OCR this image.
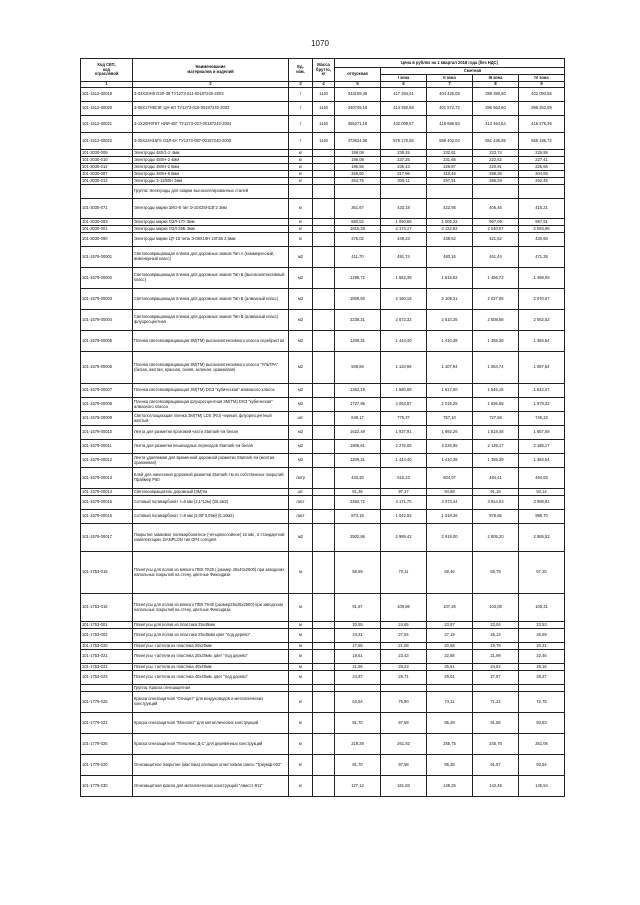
1070
Код СКП,
код
отраслевой	Наименование
материалов и изделий	Ед.
изм.	Масса
брутто,
кг	Цена в рублях на 1 квартал 2018 года (без НДС)				
				отпускная	Сметная			
					I зона	II зона	III зона	IV зона
1	2	3	4	5	6	7	8	9
101-1512-00019	З-04Х20Н6 ОЗЛ-38 ТУ1273-011-00187240-2003	т	1140	343109,49	417 294,01	404 425,09	399 380,50	402 093,55
101-1512-00020	З-08Х17Н8С6Г ЦН-6Л ТУ1273-018-00187240-2003	т	1140	340749,16	414 350,68	401 572,72	396 563,60	399 262,59
101-1512-00021	З-1Х20Н9Г6Т НИИ-48Г ТУ1273-027-00187240-2004	т	1140	355271,19	432 009,67	418 686,93	413 464,54	416 276,35
101-1512-00022	З-25Х24Н16Г6 ОЗЛ-6А ТУ1273-087-00187240-2000	т	1140	473624,58	576 170,55	558 402,04	551 436,95	555 186,72
101-3030-009	Электроды 48Х/1-2 4мм	кг		199,08	238,45	232,81	223,74	226,95
101-3030-010	Электроды 48ХН-2 4мм	кг		198,08	237,25	231,65	222,62	227,41
101-3030-012	Электроды 48ХН-2 5мм	кг		196,56	235,43	229,87	220,91	225,66
101-3030-087	Электроды 48ХН-5 5мм	кг		265,50	317,96	310,46	298,35	304,66
101-3030-013	Электроды З-13/50Н 3мм	кг		254,75	305,11	297,91	286,29	292,45
	Группа: Электроды для сварки высоколегированных сталей							
101-3030-071	Электроды марки ЗИО-8 тип Э-10Х25Н13Г2 3мм	кг		361,67	433,18	422,95	406,46	415,21
101-3030-093	Электроды марки ОЗЛ-17У 3мм	кг		880,52	1 050,68	1 006,32	967,09	987,91
101-3030-001	Электроды марки ОЗЛ-25Б 3мм	кг		1815,28	2 174,17	2 122,82	2 040,07	2 083,98
101-3030-090	Электроды марки ЦТ-15 типа Э-08Х19Н 10Г2Б 2,5мм	кг		375,02	449,23	438,62	421,52	430,60
101-1579-00001	Световозвращающая пленка для дорожных знаков Тип А (коммерческий, инженерный класс)	м2		411,70	491,74	480,16	461,44	471,35
101-1579-00002	Световозвращающая пленка для дорожных знаков Тип Б (высокоинтенсивный класс)	м2		1298,72	1 552,39	1 515,62	1 456,73	1 488,05
101-1579-00003	Световозвращающая пленка для дорожных знаков Тип В (алмазный класс)	м2		1809,60	2 160,19	2 109,31	2 027,08	2 070,67
101-1579-00004	Световозвращающая пленка для дорожных знаков Тип В (алмазный класс) флуоресцентная	м2		2235,21	2 673,32	2 610,35	2 508,58	2 562,52
101-1579-00005	Пленка световозвращающая 3М(ТМ) высокоинтенсивного класса серебристая	м2		1209,31	1 444,40	1 410,38	1 355,39	1 384,54
101-1579-00006	Пленка световозвращающая 3М(ТМ) высокоинтенсивного класса "УЛЬТРА" (белая, желтая, красная, синяя, зеленая, оранжевая)	м2		949,86	1 134,66	1 107,94	1 064,74	1 087,64
101-1579-00007	Пленка световозвращающая 3М(ТМ) DG3 "кубическая" алмазного класса	м2		1362,19	1 580,69	1 617,00	1 546,16	1 542,47
101-1579-00008	Пленка световозвращающая флуоресцентная 3М(ТМ) DG3 "кубическая" алмазного класса	м2		1727,95	2 063,87	2 015,25	1 936,68	1 978,33
101-1579-00009	Светопоглощающая пленка 3М(ТМ) LDS (RU) черный, флуоресцентный желтый	шт.		649,17	775,37	757,10	727,58	745,23
101-1579-00010	Лента для разметки проезжей части Stamark-тм белая	м2		1622,49	1 937,91	1 892,26	1 818,48	1 857,59
101-1579-00011	Лента для разметки пешеходных переходов Stamark-тм белая	м2		1908,61	2 276,65	2 225,95	2 139,17	2 185,17
101-1579-00012	Лента удаляемая для временной дорожной разметки Stamark-тм (желтая, оранжевая)	м2		1209,31	1 444,40	1 410,38	1 355,39	1 384,54
101-1579-00013	Клей для нанесения дорожной разметки Stamark-тм из собственных покрытий Праймер Р50	литр		432,20	516,23	504,07	484,41	494,83
101-1579-00014	Световозвращатель дорожный (3М)тм	шт.		81,36	97,17	94,88	91,18	93,14
101-1579-00015	Сотовый поликарбонат т=6 мм (2,1*12м) (25,2м2)	лист		3492,72	4 171,70	4 073,44	3 914,63	3 998,81
101-1579-00016	Сотовый поликарбонат т=8 мм (2,00*3,05м) (6,10м2)	лист		873,18	1 042,93	1 018,36	978,65	999,70
101-1579-00017	Покрытие замковое поликарбонатное (четырехслойное) 16 мм , в стандартной комплектации, DANPLON тип DP4 corrigent	м2		2502,86	2 989,42	2 919,00	2 805,20	2 865,52
101-1753-015	Плинтусы для полов из мягкого ПВХ ТК25 ( размер 40х40х2500) при заводских напольных покрытий на стену, цветные Фиксидизи	м		58,69	70,11	68,46	65,79	67,20
101-1753-016	Плинтусы для полов из мягкого ПВХ ТК40 (размер25х25х2500) при заводском напольных покрытий на стену, цветные Фиксидизи	м		91,97	109,86	107,26	103,08	105,31
101-1753-001	Плинтусы для полов из пластика 25х45мм	м		20,55	24,65	23,97	23,04	23,53
101-1753-002	Плинтусы для полов из пластика 25х45мм цвет "под дерево"	м		23,31	27,84	27,19	26,13	26,69
101-1753-020	Плинтусы -галтели из пластика 20х20мм	м		17,65	21,08	20,58	19,78	20,21
101-1753-021	Плинтусы -галтели из пластика 20х20мм, цвет "под дерево"	м		19,61	23,43	22,88	21,99	22,46
101-1753-022	Плинтусы -галтели из пластика 40х40мм	м		21,66	26,23	25,61	24,62	25,16
101-1753-023	Плинтусы -галтели из пластика 40х40мм, цвет "под дерево"	м		24,87	29,71	29,01	27,87	28,47
	Группа: Краска огнезащитная							
101-1779-025	Краска огнезащитная "Огнацит" для воздуховодов и металлических конструкций	кг		63,54	75,90	74,11	71,22	72,75
101-1779-022	Краска огнезащитная "Монолит" для металлических конструкций	кг		81,70	97,58	95,28	91,56	93,53
101-1779-026	Краска огнезащитная "Пенолюкс Д-1" для деревянных конструкций	кг		219,29	261,92	255,75	245,78	251,06
101-1779-020	Огнезащитное покрытие (мастика) клеящая огнестойкая смесь "Триумф-002"	кг		81,70	97,58	95,28	91,57	93,54
101-1779-030	Огнезащитная краска для металлических конструкций "Ависст-911"	кг		127,12	151,83	148,25	142,48	145,54
